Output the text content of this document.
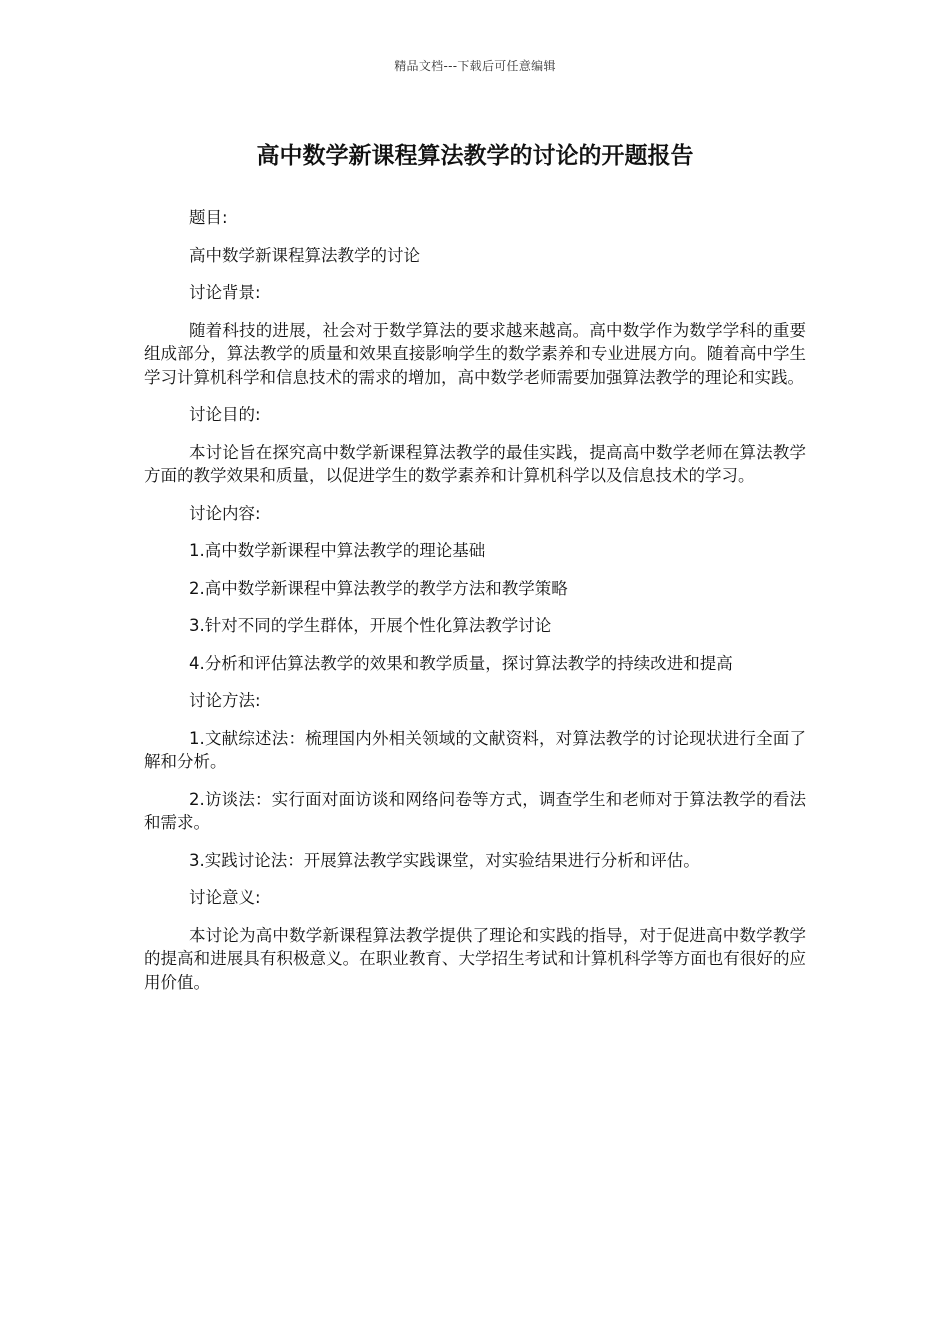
精品文档---下载后可任意编辑
高中数学新课程算法教学的讨论的开题报告

题目:

高中数学新课程算法教学的讨论

讨论背景:

随着科技的进展，社会对于数学算法的要求越来越高。高中数学作为数学学科的重要组成部分，算法教学的质量和效果直接影响学生的数学素养和专业进展方向。随着高中学生学习计算机科学和信息技术的需求的增加，高中数学老师需要加强算法教学的理论和实践。

讨论目的:

本讨论旨在探究高中数学新课程算法教学的最佳实践，提高高中数学老师在算法教学方面的教学效果和质量，以促进学生的数学素养和计算机科学以及信息技术的学习。

讨论内容:

1.高中数学新课程中算法教学的理论基础

2.高中数学新课程中算法教学的教学方法和教学策略

3.针对不同的学生群体，开展个性化算法教学讨论

4.分析和评估算法教学的效果和教学质量，探讨算法教学的持续改进和提高

讨论方法:

1.文献综述法：梳理国内外相关领域的文献资料，对算法教学的讨论现状进行全面了解和分析。

2.访谈法：实行面对面访谈和网络问卷等方式，调查学生和老师对于算法教学的看法和需求。

3.实践讨论法：开展算法教学实践课堂，对实验结果进行分析和评估。

讨论意义:

本讨论为高中数学新课程算法教学提供了理论和实践的指导，对于促进高中数学教学的提高和进展具有积极意义。在职业教育、大学招生考试和计算机科学等方面也有很好的应用价值。
